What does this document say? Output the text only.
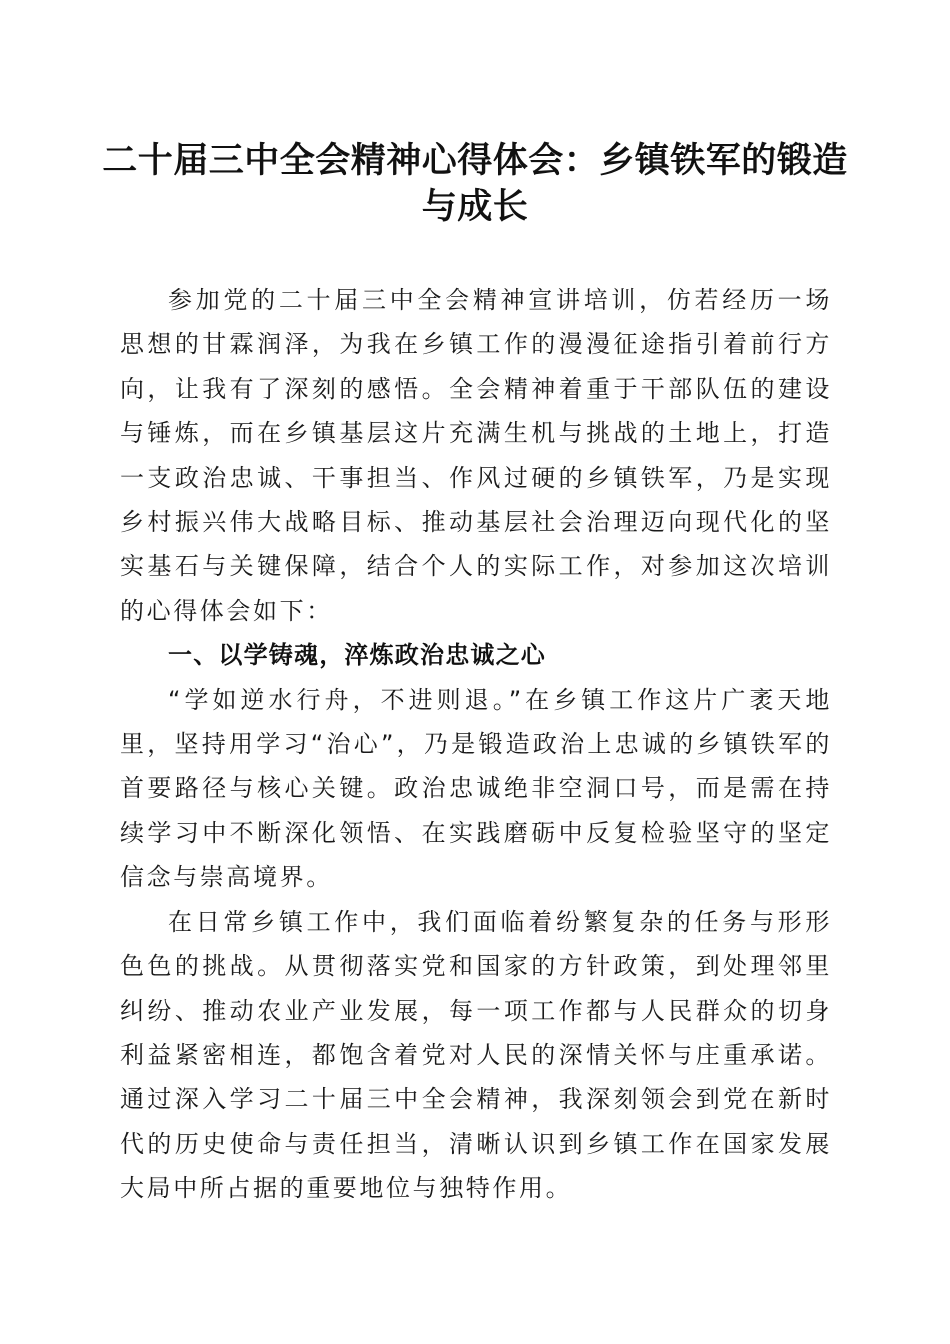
二十届三中全会精神心得体会：乡镇铁军的锻造与成长

参加党的二十届三中全会精神宣讲培训，仿若经历一场思想的甘霖润泽，为我在乡镇工作的漫漫征途指引着前行方向，让我有了深刻的感悟。全会精神着重于干部队伍的建设与锤炼，而在乡镇基层这片充满生机与挑战的土地上，打造一支政治忠诚、干事担当、作风过硬的乡镇铁军，乃是实现乡村振兴伟大战略目标、推动基层社会治理迈向现代化的坚实基石与关键保障，结合个人的实际工作，对参加这次培训的心得体会如下：

一、以学铸魂，淬炼政治忠诚之心

“学如逆水行舟，不进则退。”在乡镇工作这片广袤天地里，坚持用学习“治心”，乃是锻造政治上忠诚的乡镇铁军的首要路径与核心关键。政治忠诚绝非空洞口号，而是需在持续学习中不断深化领悟、在实践磨砺中反复检验坚守的坚定信念与崇高境界。

在日常乡镇工作中，我们面临着纷繁复杂的任务与形形色色的挑战。从贯彻落实党和国家的方针政策，到处理邻里纠纷、推动农业产业发展，每一项工作都与人民群众的切身利益紧密相连，都饱含着党对人民的深情关怀与庄重承诺。通过深入学习二十届三中全会精神，我深刻领会到党在新时代的历史使命与责任担当，清晰认识到乡镇工作在国家发展大局中所占据的重要地位与独特作用。
